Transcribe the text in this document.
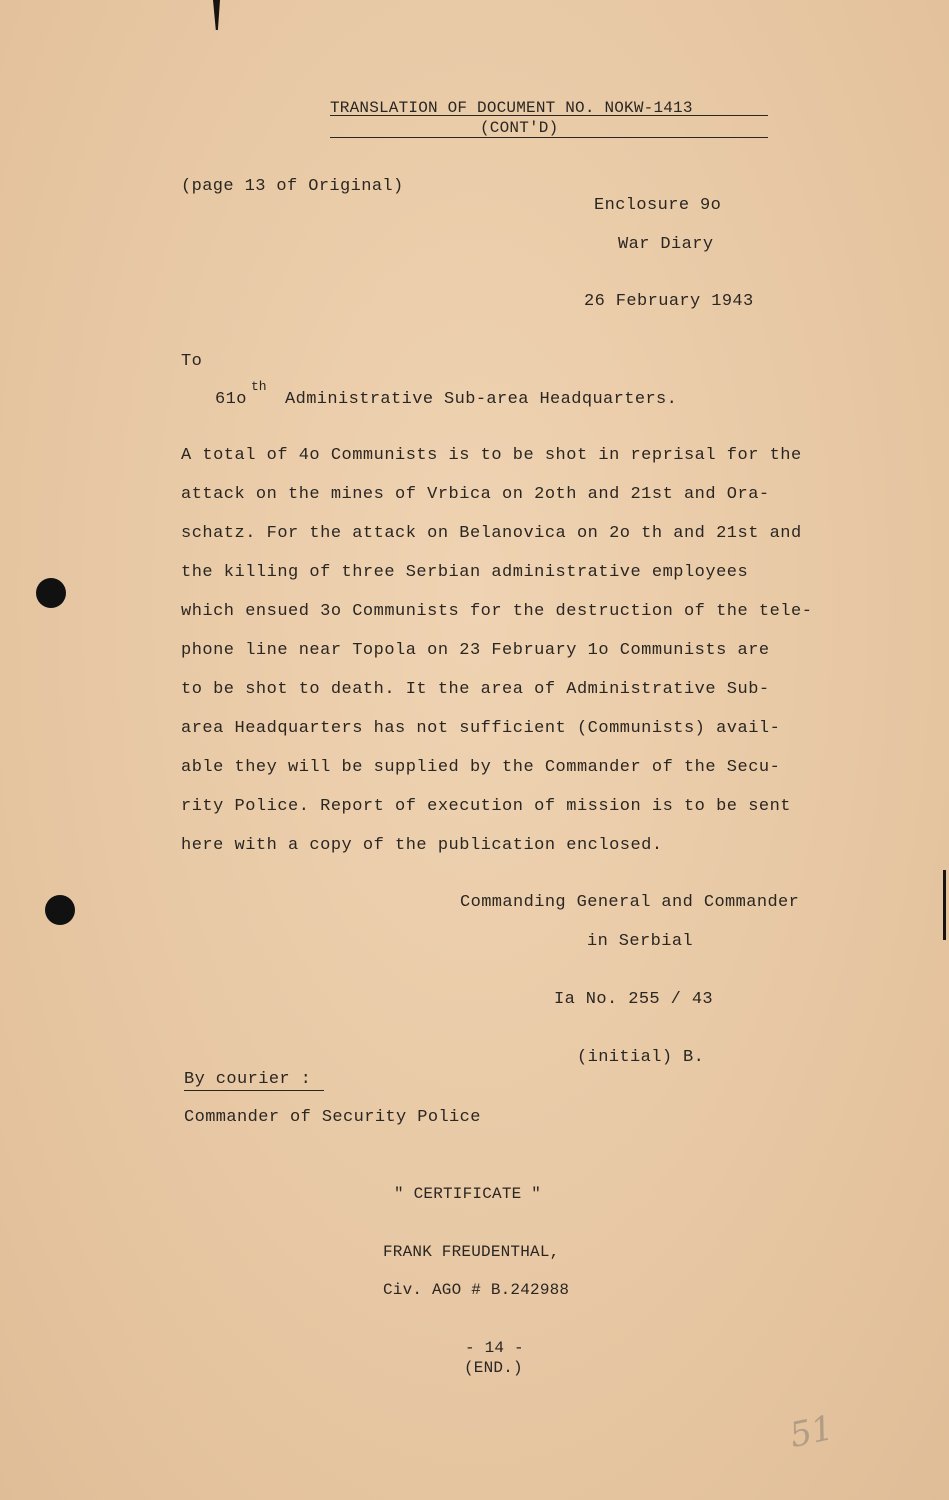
TRANSLATION OF DOCUMENT NO. NOKW-1413
(CONT'D)
(page 13 of Original)
Enclosure 9o
War Diary
26 February 1943
To
61o
th
Administrative Sub-area Headquarters.
A total of 4o Communists is to be shot in reprisal for the
attack on the mines of Vrbica on 2oth and 21st and Ora-
schatz. For the attack on Belanovica on 2o th and 21st and
the killing of three Serbian administrative employees
which ensued 3o Communists for the destruction of the tele-
phone line near Topola on 23 February 1o Communists are
to be shot to death. It the area of Administrative Sub-
area Headquarters has not sufficient (Communists) avail-
able they will be supplied by the Commander of the Secu-
rity Police. Report of execution of mission is to be sent
here with a copy of the publication enclosed.
Commanding General and Commander
in Serbial
Ia No. 255 / 43
(initial) B.
By courier :
Commander of Security Police
" CERTIFICATE "
FRANK FREUDENTHAL,
Civ. AGO # B.242988
- 14 -
(END.)
51
